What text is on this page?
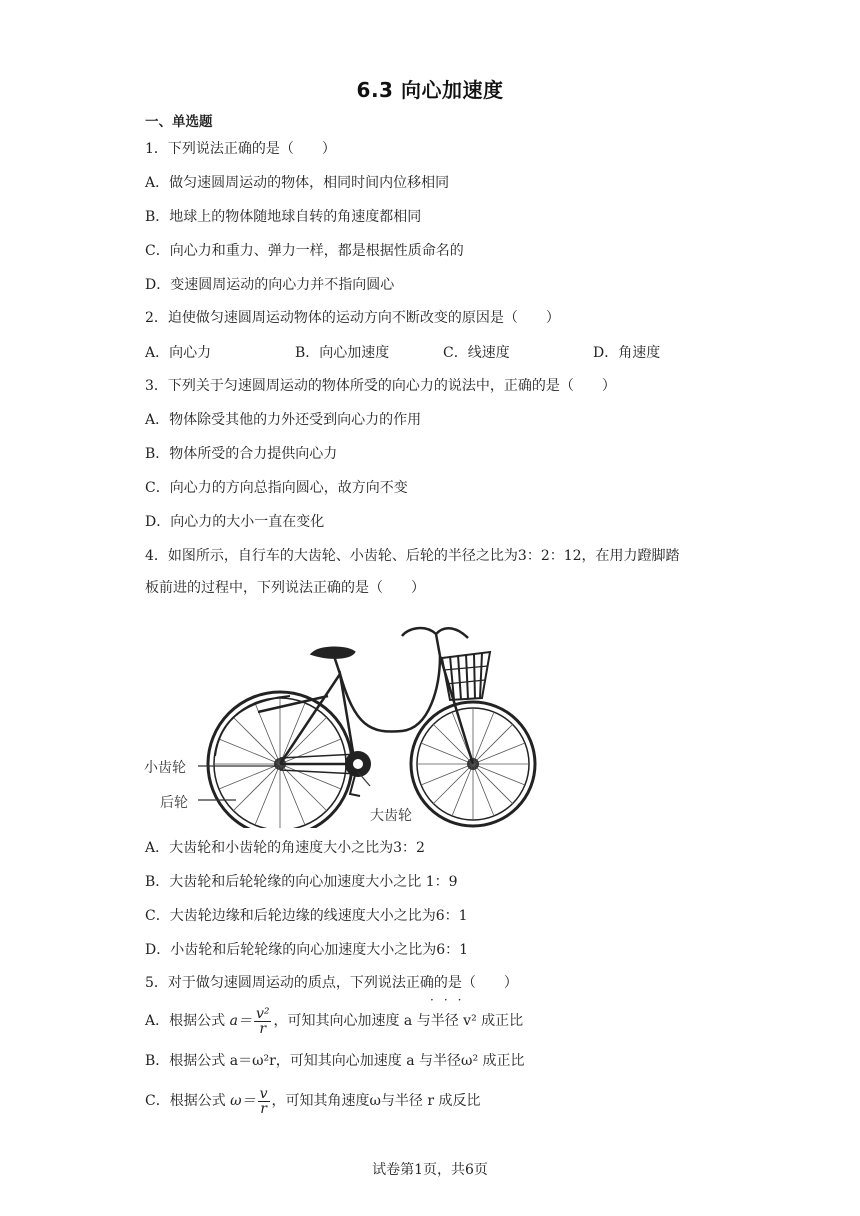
6.3 向心加速度
一、单选题
1．下列说法正确的是（　　）
A．做匀速圆周运动的物体，相同时间内位移相同
B．地球上的物体随地球自转的角速度都相同
C．向心力和重力、弹力一样，都是根据性质命名的
D．变速圆周运动的向心力并不指向圆心
2．迫使做匀速圆周运动物体的运动方向不断改变的原因是（　　）
A．向心力	B．向心加速度	C．线速度	D．角速度
3．下列关于匀速圆周运动的物体所受的向心力的说法中，正确的是（　　）
A．物体除受其他的力外还受到向心力的作用
B．物体所受的合力提供向心力
C．向心力的方向总指向圆心，故方向不变
D．向心力的大小一直在变化
4．如图所示，自行车的大齿轮、小齿轮、后轮的半径之比为3：2：12，在用力蹬脚踏
板前进的过程中，下列说法正确的是（　　）
小齿轮
后轮
大齿轮
A．大齿轮和小齿轮的角速度大小之比为3：2
B．大齿轮和后轮轮缘的向心加速度大小之比 1：9
C．大齿轮边缘和后轮边缘的线速度大小之比为6：1
D．小齿轮和后轮轮缘的向心加速度大小之比为6：1
5．对于做匀速圆周运动的质点，下列说法正确的是（　　）
···
A．根据公式 $a= \frac{\text{v²}}{r}$ ，可知其向心加速度 a 与半径 v² 成正比
B．根据公式 a＝ω²r，可知其向心加速度 a 与半径ω² 成正比
C．根据公式 $\omega= \frac{v}{r}$ ，可知其角速度ω与半径 r 成反比
试卷第1页，共6页
